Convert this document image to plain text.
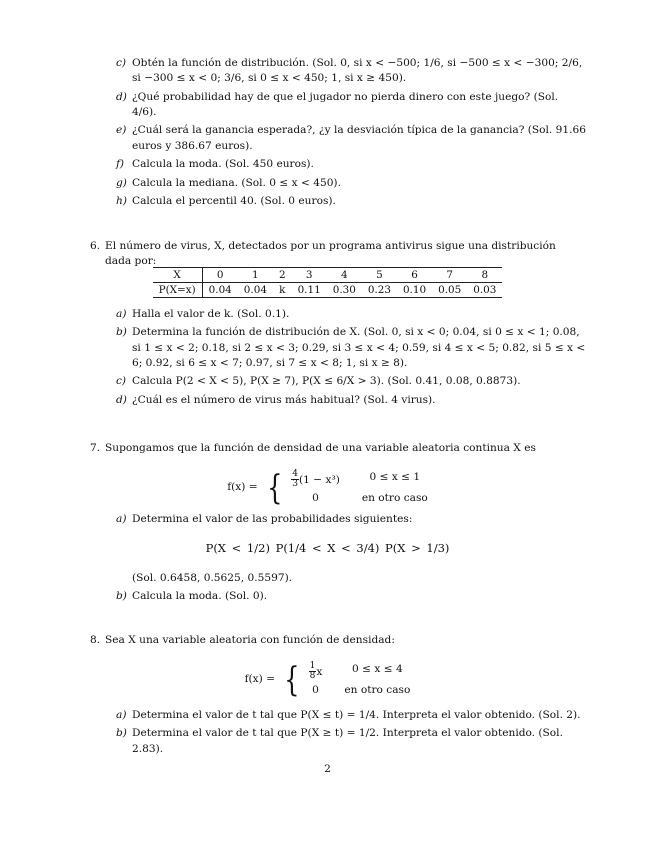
c) Obtén la función de distribución. (Sol. 0, si x < −500; 1/6, si −500 ≤ x < −300; 2/6, si −300 ≤ x < 0; 3/6, si 0 ≤ x < 450; 1, si x ≥ 450).
d) ¿Qué probabilidad hay de que el jugador no pierda dinero con este juego? (Sol. 4/6).
e) ¿Cuál será la ganancia esperada?, ¿y la desviación típica de la ganancia? (Sol. 91.66 euros y 386.67 euros).
f) Calcula la moda. (Sol. 450 euros).
g) Calcula la mediana. (Sol. 0 ≤ x < 450).
h) Calcula el percentil 40. (Sol. 0 euros).
6. El número de virus, X, detectados por un programa antivirus sigue una distribución dada por:
X	0	1	2	3	4	5	6	7	8
P(X=x)	0.04	0.04	k	0.11	0.30	0.23	0.10	0.05	0.03
a) Halla el valor de k. (Sol. 0.1).
b) Determina la función de distribución de X. (Sol. 0, si x < 0; 0.04, si 0 ≤ x < 1; 0.08, si 1 ≤ x < 2; 0.18, si 2 ≤ x < 3; 0.29, si 3 ≤ x < 4; 0.59, si 4 ≤ x < 5; 0.82, si 5 ≤ x < 6; 0.92, si 6 ≤ x < 7; 0.97, si 7 ≤ x < 8; 1, si x ≥ 8).
c) Calcula P(2 < X < 5), P(X ≥ 7), P(X ≤ 6/X > 3). (Sol. 0.41, 0.08, 0.8873).
d) ¿Cuál es el número de virus más habitual? (Sol. 4 virus).
7. Supongamos que la función de densidad de una variable aleatoria continua X es
f(x) = { $\frac{4}{3} (1 - x^3)$	0 ≤ x ≤ 1
0	en otro caso
a) Determina el valor de las probabilidades siguientes:
P(X < 1/2) P(1/4 < X < 3/4) P(X > 1/3)
(Sol. 0.6458, 0.5625, 0.5597).
b) Calcula la moda. (Sol. 0).
8. Sea X una variable aleatoria con función de densidad:
f(x) = { $\frac{1}{8}$ x	0 ≤ x ≤ 4
0	en otro caso
a) Determina el valor de t tal que P(X ≤ t) = 1/4. Interpreta el valor obtenido. (Sol. 2).
b) Determina el valor de t tal que P(X ≥ t) = 1/2. Interpreta el valor obtenido. (Sol. 2.83).
2
